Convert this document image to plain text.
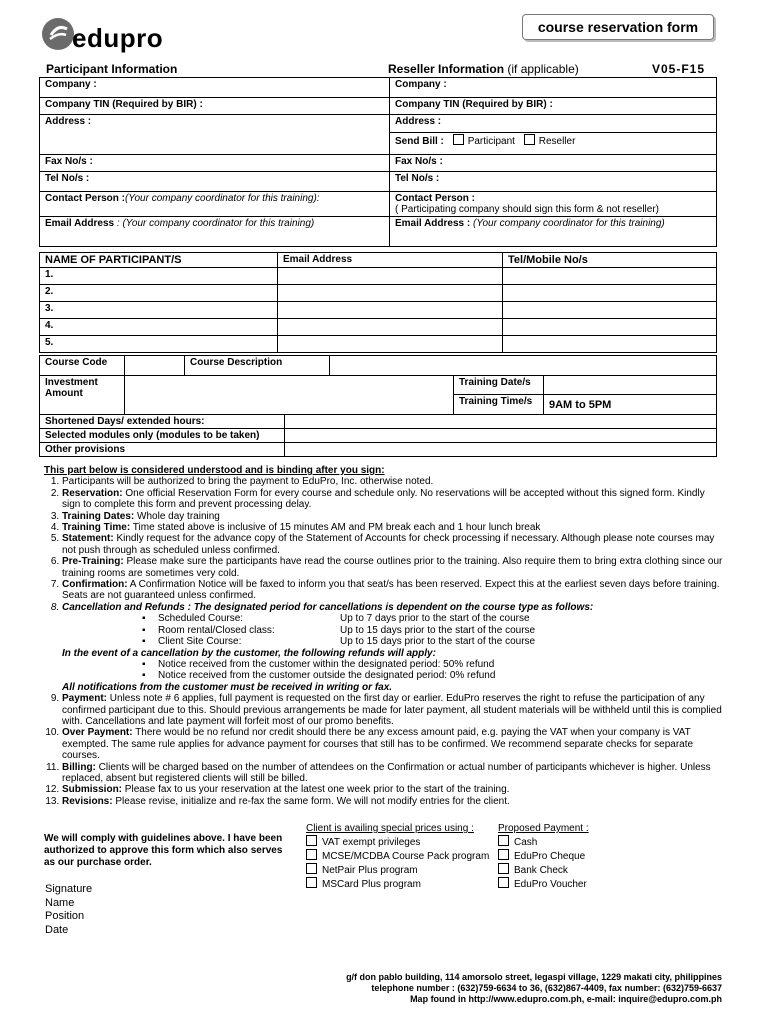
edupro	course reservation form
Participant Information	Reseller Information (if applicable)	V05-F15
Company :	Company :
Company TIN (Required by BIR) :	Company TIN (Required by BIR) :
Address :	Address :
	Send Bill : Participant Reseller
Fax No/s :	Fax No/s :
Tel No/s :	Tel No/s :
Contact Person :(Your company coordinator for this training):	Contact Person :
( Participating company should sign this form & not reseller)
Email Address : (Your company coordinator for this training)	Email Address : (Your company coordinator for this training)
NAME OF PARTICIPANT/S	Email Address	Tel/Mobile No/s
1.		
2.		
3.		
4.		
5.		
Course Code		Course Description				
Investment Amount					Training Date/s	
					Training Time/s	9AM to 5PM
Shortened Days/ extended hours:						
Selected modules only (modules to be taken)						
Other provisions						
This part below is considered understood and is binding after you sign:
1. Participants will be authorized to bring the payment to EduPro, Inc. otherwise noted.
2. Reservation: One official Reservation Form for every course and schedule only. No reservations will be accepted without this signed form. Kindly sign to complete this form and prevent processing delay.
3. Training Dates: Whole day training
4. Training Time: Time stated above is inclusive of 15 minutes AM and PM break each and 1 hour lunch break
5. Statement: Kindly request for the advance copy of the Statement of Accounts for check processing if necessary. Although please note courses may not push through as scheduled unless confirmed.
6. Pre-Training: Please make sure the participants have read the course outlines prior to the training. Also require them to bring extra clothing since our training rooms are sometimes very cold.
7. Confirmation: A Confirmation Notice will be faxed to inform you that seat/s has been reserved. Expect this at the earliest seven days before training. Seats are not guaranteed unless confirmed.
8. Cancellation and Refunds : The designated period for cancellations is dependent on the course type as follows:
▪	Scheduled Course:	Up to 7 days prior to the start of the course
▪	Room rental/Closed class:	Up to 15 days prior to the start of the course
▪	Client Site Course:	Up to 15 days prior to the start of the course
In the event of a cancellation by the customer, the following refunds will apply:
▪	Notice received from the customer within the designated period: 50% refund
▪	Notice received from the customer outside the designated period: 0% refund
All notifications from the customer must be received in writing or fax.
9. Payment: Unless note # 6 applies, full payment is requested on the first day or earlier. EduPro reserves the right to refuse the participation of any confirmed participant due to this. Should previous arrangements be made for later payment, all student materials will be withheld until this is complied with. Cancellations and late payment will forfeit most of our promo benefits.
10. Over Payment: There would be no refund nor credit should there be any excess amount paid, e.g. paying the VAT when your company is VAT exempted. The same rule applies for advance payment for courses that still has to be confirmed. We recommend separate checks for separate courses.
11. Billing: Clients will be charged based on the number of attendees on the Confirmation or actual number of participants whichever is higher. Unless replaced, absent but registered clients will still be billed.
12. Submission: Please fax to us your reservation at the latest one week prior to the start of the training.
13. Revisions: Please revise, initialize and re-fax the same form. We will not modify entries for the client.
We will comply with guidelines above. I have been authorized to approve this form which also serves as our purchase order.
Client is availing special prices using :
VAT exempt privileges
MCSE/MCDBA Course Pack program
NetPair Plus program
MSCard Plus program
Proposed Payment :
Cash
EduPro Cheque
Bank Check
EduPro Voucher
Signature
Name
Position
Date
g/f don pablo building, 114 amorsolo street, legaspi village, 1229 makati city, philippines
telephone number : (632)759-6634 to 36, (632)867-4409, fax number: (632)759-6637
Map found in http://www.edupro.com.ph, e-mail: inquire@edupro.com.ph
